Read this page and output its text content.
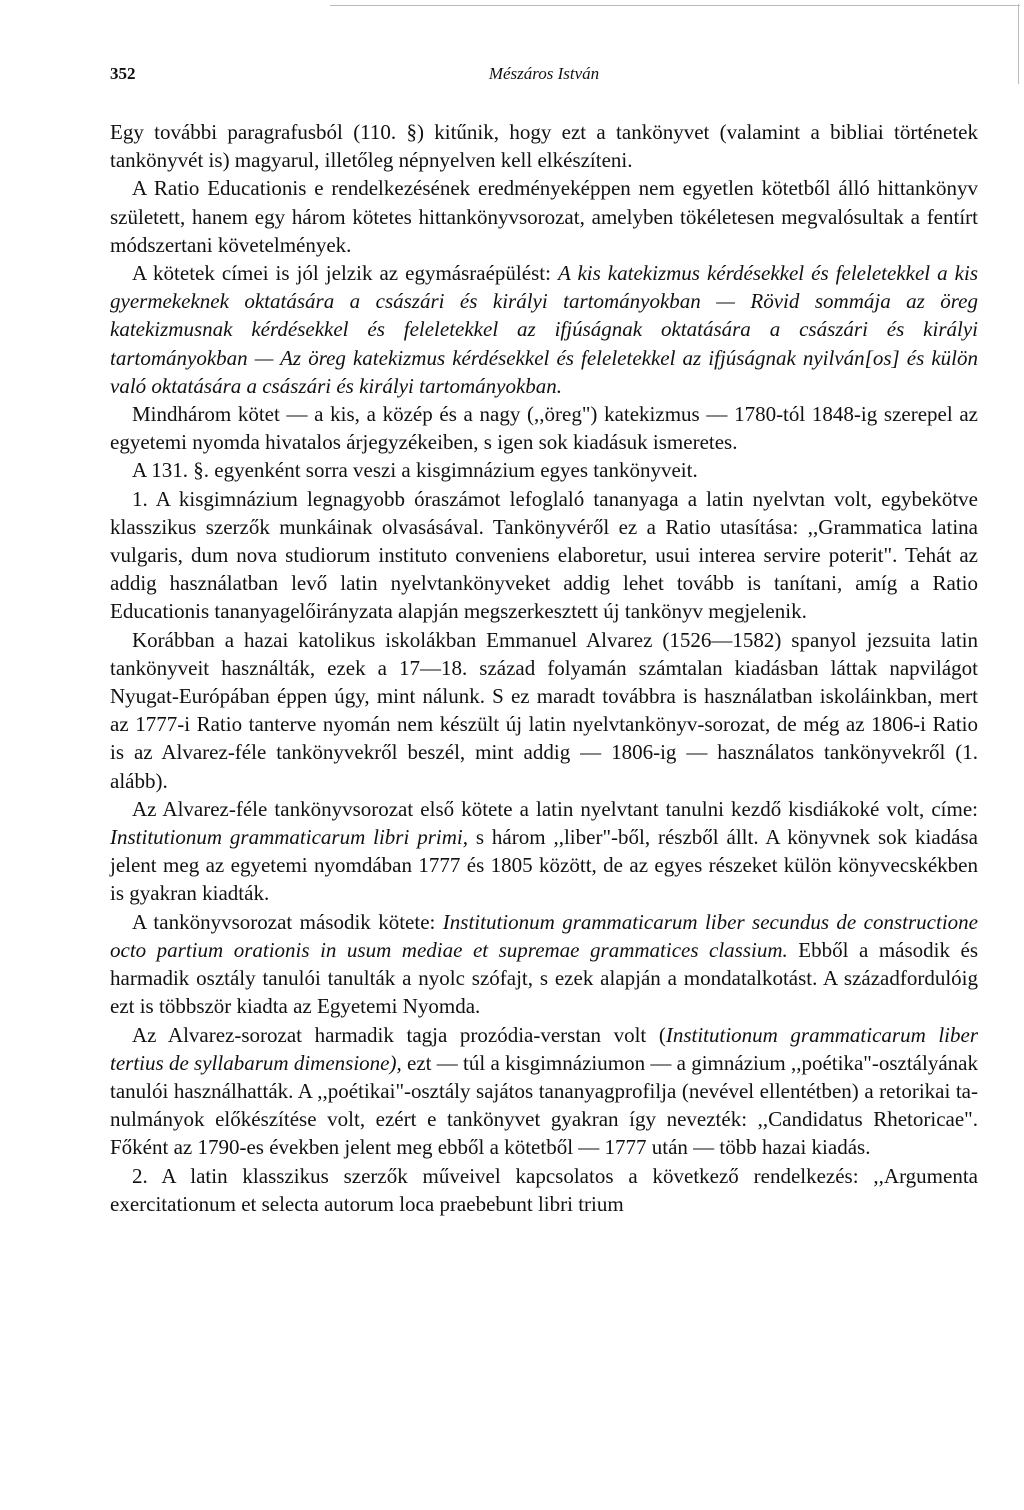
352	Mészáros István

Egy további paragrafusból (110. §) kitűnik, hogy ezt a tankönyvet (valamint a bibliai történetek tankönyvét is) magyarul, illetőleg népnyelven kell elkészíteni.

A Ratio Educationis e rendelkezésének eredményeképpen nem egyetlen kötetből álló hittankönyv született, hanem egy három kötetes hittankönyvsorozat, amelyben tökéletesen megvalósultak a fentírt módszertani követelmények.

A kötetek címei is jól jelzik az egymásraépülést: A kis katekizmus kérdésekkel és feleletekkel a kis gyermekeknek oktatására a császári és királyi tartományokban — Rövid sommája az öreg katekizmusnak kérdésekkel és feleletekkel az ifjúságnak oktatására a császári és királyi tartományokban — Az öreg katekizmus kérdésekkel és feleletekkel az ifjúságnak nyilván[os] és külön való oktatására a császári és királyi tartományokban.

Mindhárom kötet — a kis, a közép és a nagy (,,öreg") katekizmus — 1780-tól 1848-ig szerepel az egyetemi nyomda hivatalos árjegyzékeiben, s igen sok kiadásuk ismeretes.

A 131. §. egyenként sorra veszi a kisgimnázium egyes tankönyveit.

1. A kisgimnázium legnagyobb óraszámot lefoglaló tananyaga a latin nyelvtan volt, egybekötve klasszikus szerzők munkáinak olvasásával. Tankönyvéről ez a Ratio utasítása: ,,Grammatica latina vulgaris, dum nova studiorum instituto conveniens elaboretur, usui interea servire poterit". Tehát az addig használatban levő latin nyelvtankönyveket addig lehet tovább is tanítani, amíg a Ratio Educationis tananyagelőirányzata alapján megszerkesztett új tankönyv megjelenik.

Korábban a hazai katolikus iskolákban Emmanuel Alvarez (1526—1582) spanyol jezsuita latin tankönyveit használták, ezek a 17—18. század folyamán számtalan kiadásban láttak napvilágot Nyugat-Európában éppen úgy, mint nálunk. S ez maradt továbbra is használatban iskoláinkban, mert az 1777-i Ratio tanterve nyomán nem készült új latin nyelvtankönyv-sorozat, de még az 1806-i Ratio is az Alvarez-féle tankönyvekről beszél, mint addig — 1806-ig — használatos tankönyvekről (1. alább).

Az Alvarez-féle tankönyvsorozat első kötete a latin nyelvtant tanulni kezdő kisdiákoké volt, címe: Institutionum grammaticarum libri primi, s három ,,liber"-ből, részből állt. A könyvnek sok kiadása jelent meg az egyetemi nyomdában 1777 és 1805 között, de az egyes részeket külön könyvecskékben is gyakran kiadták.

A tankönyvsorozat második kötete: Institutionum grammaticarum liber secundus de constructione octo partium orationis in usum mediae et supremae grammatices classium. Ebből a második és harmadik osztály tanulói tanulták a nyolc szófajt, s ezek alapján a mondatalkotást. A századfordulóig ezt is többször kiadta az Egyetemi Nyomda.

Az Alvarez-sorozat harmadik tagja prozódia-verstan volt (Institutionum grammaticarum liber tertius de syllabarum dimensione), ezt — túl a kisgimnáziumon — a gimnázium ,,poétika"-osztályának tanulói használhatták. A ,,poétikai"-osztály sajátos tananyagprofilja (nevével ellentétben) a retorikai tanulmányok előkészítése volt, ezért e tankönyvet gyakran így nevezték: ,,Candidatus Rhetoricae". Főként az 1790-es években jelent meg ebből a kötetből — 1777 után — több hazai kiadás.

2. A latin klasszikus szerzők műveivel kapcsolatos a következő rendelkezés: ,,Argumenta exercitationum et selecta autorum loca praebebunt libri trium
